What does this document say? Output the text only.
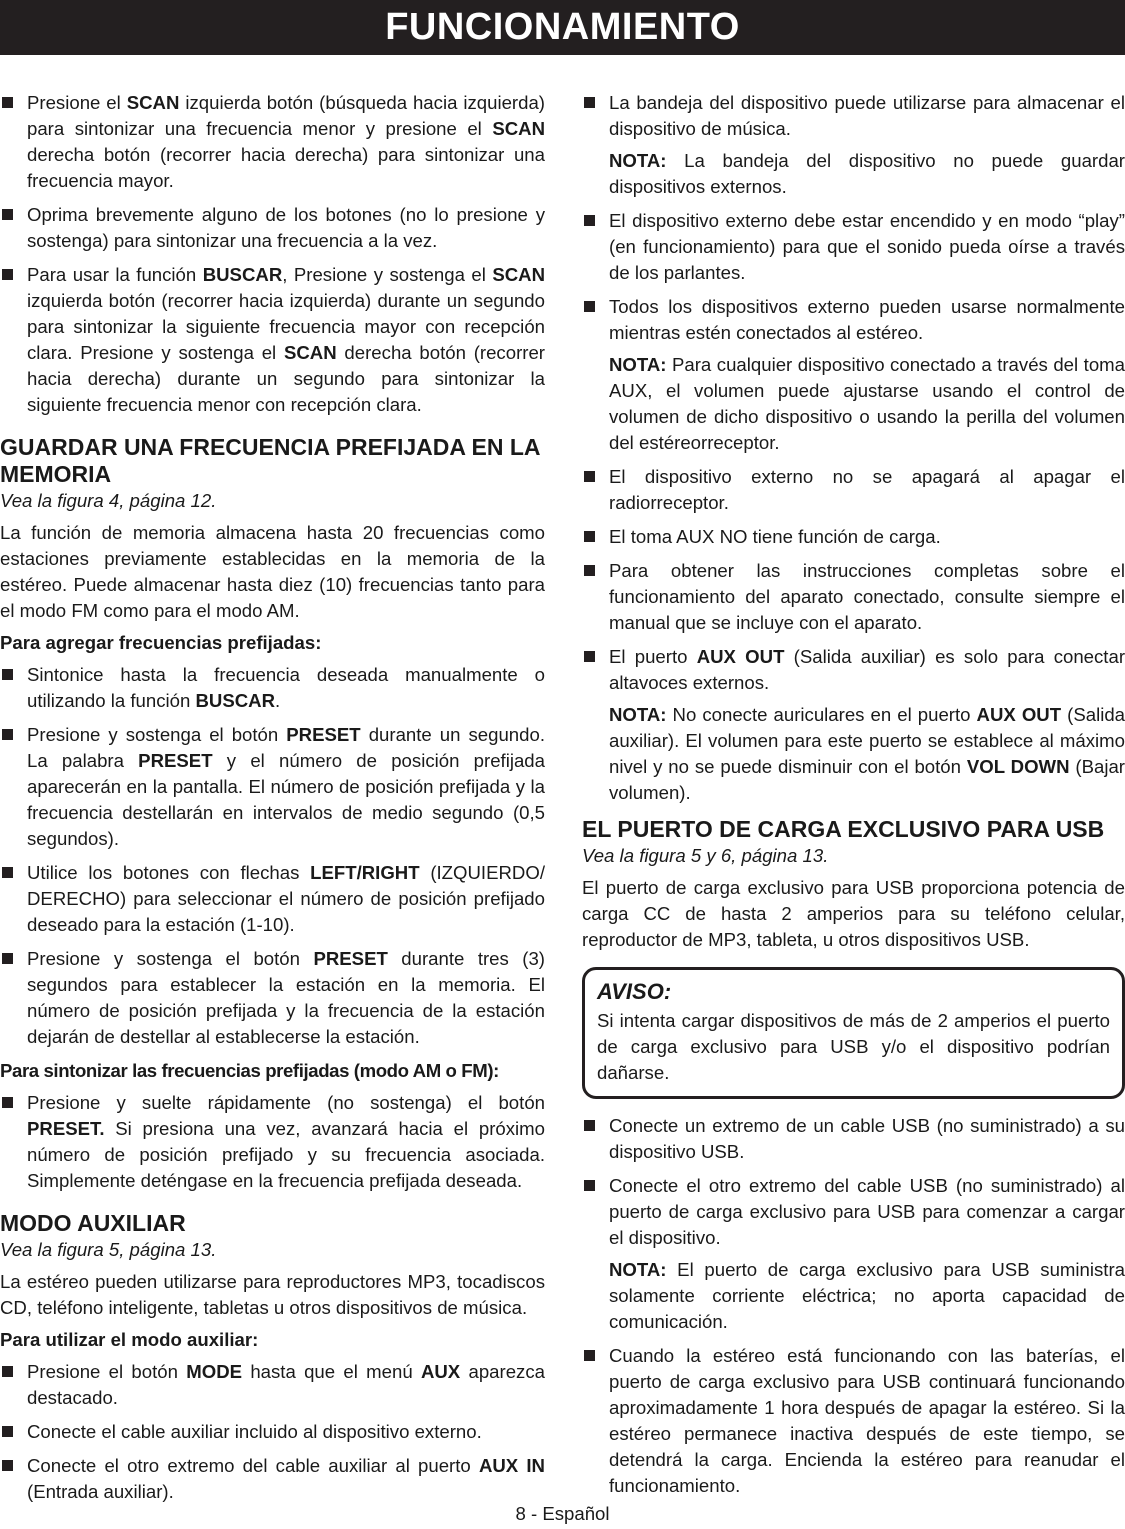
FUNCIONAMIENTO
Presione el SCAN izquierda botón (búsqueda hacia izquierda) para sintonizar una frecuencia menor y presione el SCAN derecha botón (recorrer hacia derecha) para sintonizar una frecuencia mayor.
Oprima brevemente alguno de los botones (no lo presione y sostenga) para sintonizar una frecuencia a la vez.
Para usar la función BUSCAR, Presione y sostenga el SCAN izquierda botón (recorrer hacia izquierda) durante un segundo para sintonizar la siguiente frecuencia mayor con recepción clara. Presione y sostenga el SCAN derecha botón (recorrer hacia derecha) durante un segundo para sintonizar la siguiente frecuencia menor con recepción clara.
GUARDAR UNA FRECUENCIA PREFIJADA EN LA MEMORIA
Vea la figura 4, página 12.

La función de memoria almacena hasta 20 frecuencias como estaciones previamente establecidas en la memoria de la estéreo. Puede almacenar hasta diez (10) frecuencias tanto para el modo FM como para el modo AM.

Para agregar frecuencias prefijadas:
Sintonice hasta la frecuencia deseada manualmente o utilizando la función BUSCAR.
Presione y sostenga el botón PRESET durante un segundo. La palabra PRESET y el número de posición prefijada aparecerán en la pantalla. El número de posición prefijada y la frecuencia destellarán en intervalos de medio segundo (0,5 segundos).
Utilice los botones con flechas LEFT/RIGHT (IZQUIERDO/ DERECHO) para seleccionar el número de posición prefijado deseado para la estación (1-10).
Presione y sostenga el botón PRESET durante tres (3) segundos para establecer la estación en la memoria. El número de posición prefijada y la frecuencia de la estación dejarán de destellar al establecerse la estación.
Para sintonizar las frecuencias prefijadas (modo AM o FM):
Presione y suelte rápidamente (no sostenga) el botón PRESET. Si presiona una vez, avanzará hacia el próximo número de posición prefijado y su frecuencia asociada. Simplemente deténgase en la frecuencia prefijada deseada.
MODO AUXILIAR
Vea la figura 5, página 13.

La estéreo pueden utilizarse para reproductores MP3, tocadiscos CD, teléfono inteligente, tabletas u otros dispositivos de música.

Para utilizar el modo auxiliar:
Presione el botón MODE hasta que el menú AUX aparezca destacado.
Conecte el cable auxiliar incluido al dispositivo externo.
Conecte el otro extremo del cable auxiliar al puerto AUX IN (Entrada auxiliar).
La bandeja del dispositivo puede utilizarse para almacenar el dispositivo de música.
NOTA: La bandeja del dispositivo no puede guardar dispositivos externos.
El dispositivo externo debe estar encendido y en modo “play” (en funcionamiento) para que el sonido pueda oírse a través de los parlantes.
Todos los dispositivos externo pueden usarse normalmente mientras estén conectados al estéreo.
NOTA: Para cualquier dispositivo conectado a través del toma AUX, el volumen puede ajustarse usando el control de volumen de dicho dispositivo o usando la perilla del volumen del estéreorreceptor.
El dispositivo externo no se apagará al apagar el radiorreceptor.
El toma AUX NO tiene función de carga.
Para obtener las instrucciones completas sobre el funcionamiento del aparato conectado, consulte siempre el manual que se incluye con el aparato.
El puerto AUX OUT (Salida auxiliar) es solo para conectar altavoces externos.
NOTA: No conecte auriculares en el puerto AUX OUT (Salida auxiliar). El volumen para este puerto se establece al máximo nivel y no se puede disminuir con el botón VOL DOWN (Bajar volumen).
EL PUERTO DE CARGA EXCLUSIVO PARA USB
Vea la figura 5 y 6, página 13.

El puerto de carga exclusivo para USB proporciona potencia de carga CC de hasta 2 amperios para su teléfono celular, reproductor de MP3, tableta, u otros dispositivos USB.

AVISO:
Si intenta cargar dispositivos de más de 2 amperios el puerto de carga exclusivo para USB y/o el dispositivo podrían dañarse.
Conecte un extremo de un cable USB (no suministrado) a su dispositivo USB.
Conecte el otro extremo del cable USB (no suministrado) al puerto de carga exclusivo para USB para comenzar a cargar el dispositivo.
NOTA: El puerto de carga exclusivo para USB suministra solamente corriente eléctrica; no aporta capacidad de comunicación.
Cuando la estéreo está funcionando con las baterías, el puerto de carga exclusivo para USB continuará funcionando aproximadamente 1 hora después de apagar la estéreo. Si la estéreo permanece inactiva después de este tiempo, se detendrá la carga. Encienda la estéreo para reanudar el funcionamiento.
8 - Español
